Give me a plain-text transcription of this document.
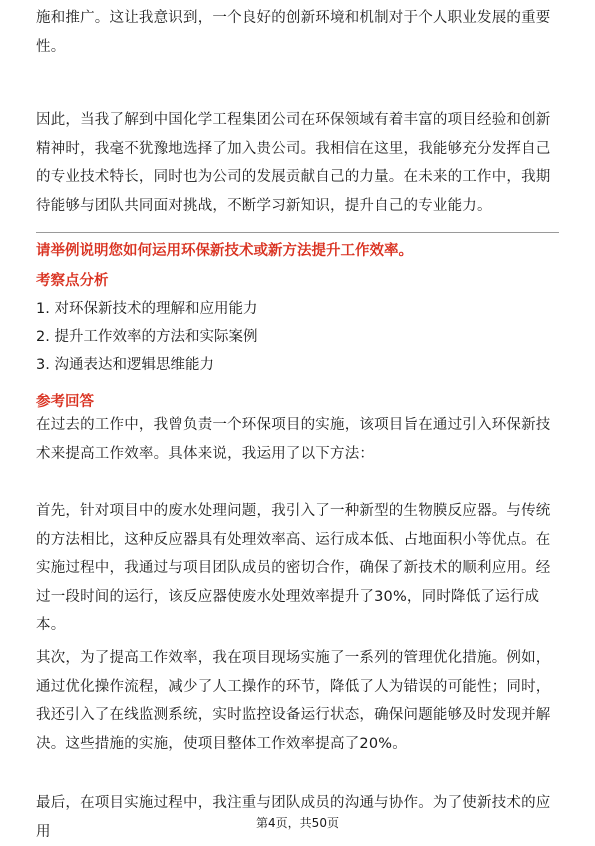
施和推广。这让我意识到，一个良好的创新环境和机制对于个人职业发展的重要性。

因此，当我了解到中国化学工程集团公司在环保领域有着丰富的项目经验和创新精神时，我毫不犹豫地选择了加入贵公司。我相信在这里，我能够充分发挥自己的专业技术特长，同时也为公司的发展贡献自己的力量。在未来的工作中，我期待能够与团队共同面对挑战，不断学习新知识，提升自己的专业能力。

请举例说明您如何运用环保新技术或新方法提升工作效率。
考察点分析
1. 对环保新技术的理解和应用能力
2. 提升工作效率的方法和实际案例
3. 沟通表达和逻辑思维能力
参考回答

在过去的工作中，我曾负责一个环保项目的实施，该项目旨在通过引入环保新技术来提高工作效率。具体来说，我运用了以下方法：

首先，针对项目中的废水处理问题，我引入了一种新型的生物膜反应器。与传统的方法相比，这种反应器具有处理效率高、运行成本低、占地面积小等优点。在实施过程中，我通过与项目团队成员的密切合作，确保了新技术的顺利应用。经过一段时间的运行，该反应器使废水处理效率提升了30%，同时降低了运行成本。

其次，为了提高工作效率，我在项目现场实施了一系列的管理优化措施。例如，通过优化操作流程，减少了人工操作的环节，降低了人为错误的可能性；同时，我还引入了在线监测系统，实时监控设备运行状态，确保问题能够及时发现并解决。这些措施的实施，使项目整体工作效率提高了20%。

最后，在项目实施过程中，我注重与团队成员的沟通与协作。为了使新技术的应用

第4页，共50页
